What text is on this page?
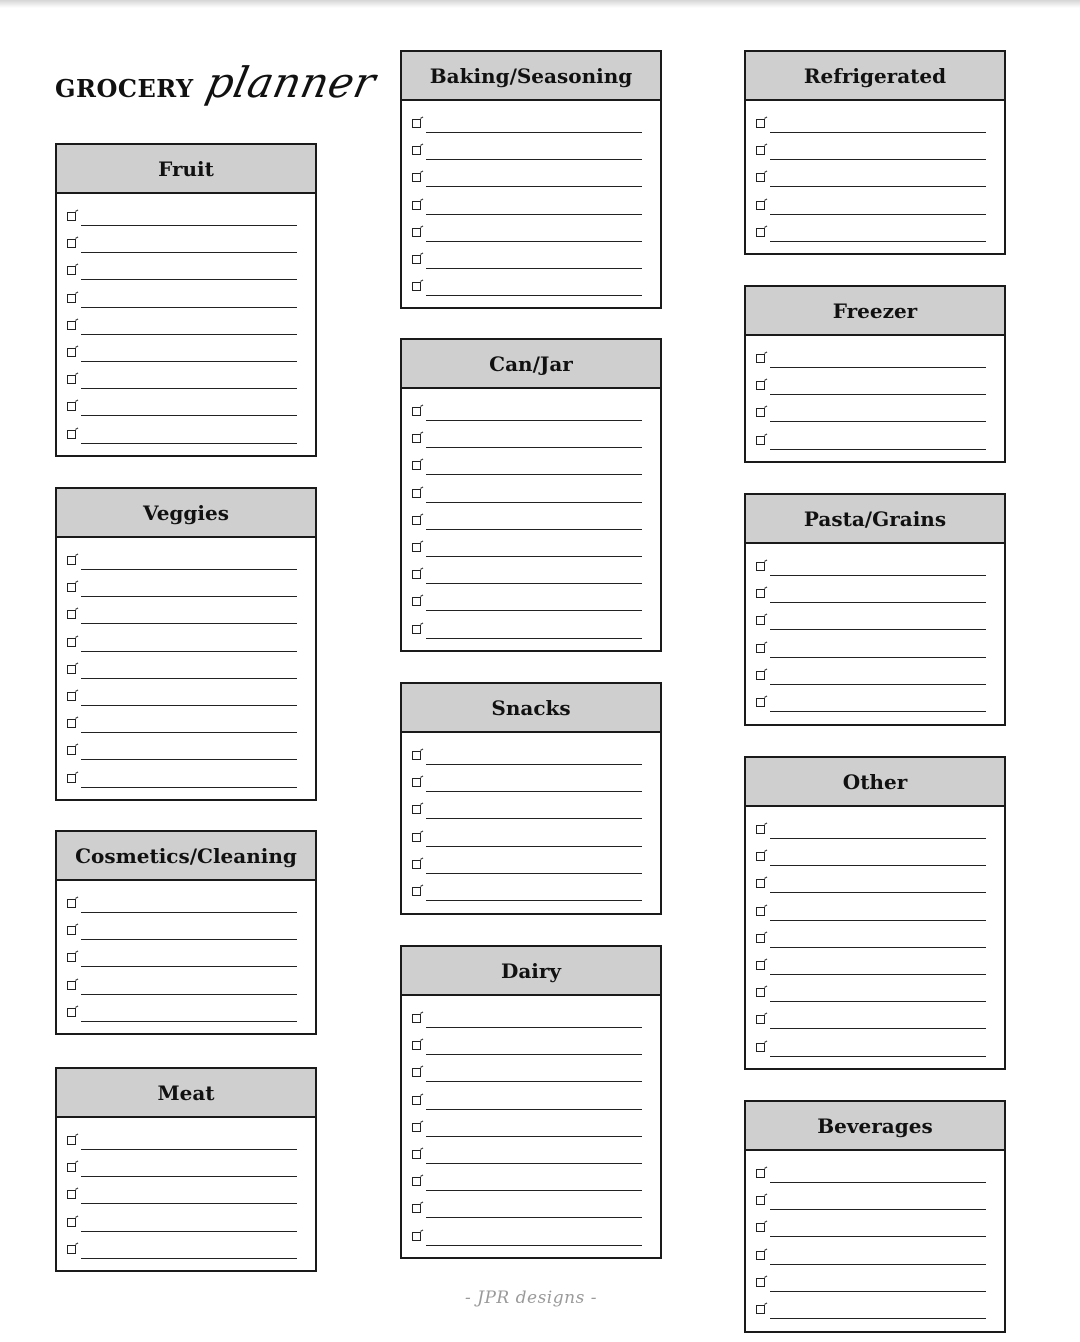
GROCERY planner
Fruit
Veggies
Cosmetics/Cleaning
Meat
Baking/Seasoning
Can/Jar
Snacks
Dairy
Refrigerated
Freezer
Pasta/Grains
Other
Beverages
- JPR designs -
